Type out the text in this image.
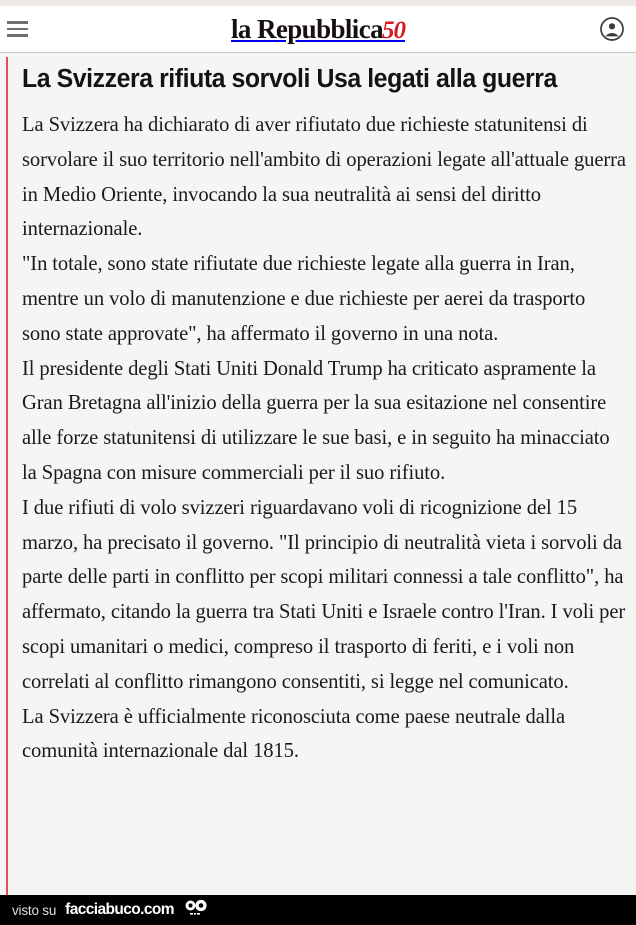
la Repubblica 50
La Svizzera rifiuta sorvoli Usa legati alla guerra

La Svizzera ha dichiarato di aver rifiutato due richieste statunitensi di sorvolare il suo territorio nell'ambito di operazioni legate all'attuale guerra in Medio Oriente, invocando la sua neutralità ai sensi del diritto internazionale.

"In totale, sono state rifiutate due richieste legate alla guerra in Iran, mentre un volo di manutenzione e due richieste per aerei da trasporto sono state approvate", ha affermato il governo in una nota.

Il presidente degli Stati Uniti Donald Trump ha criticato aspramente la Gran Bretagna all'inizio della guerra per la sua esitazione nel consentire alle forze statunitensi di utilizzare le sue basi, e in seguito ha minacciato la Spagna con misure commerciali per il suo rifiuto.

I due rifiuti di volo svizzeri riguardavano voli di ricognizione del 15 marzo, ha precisato il governo. "Il principio di neutralità vieta i sorvoli da parte delle parti in conflitto per scopi militari connessi a tale conflitto", ha affermato, citando la guerra tra Stati Uniti e Israele contro l'Iran. I voli per scopi umanitari o medici, compreso il trasporto di feriti, e i voli non correlati al conflitto rimangono consentiti, si legge nel comunicato.

La Svizzera è ufficialmente riconosciuta come paese neutrale dalla comunità internazionale dal 1815.

visto su facciabuco.com
